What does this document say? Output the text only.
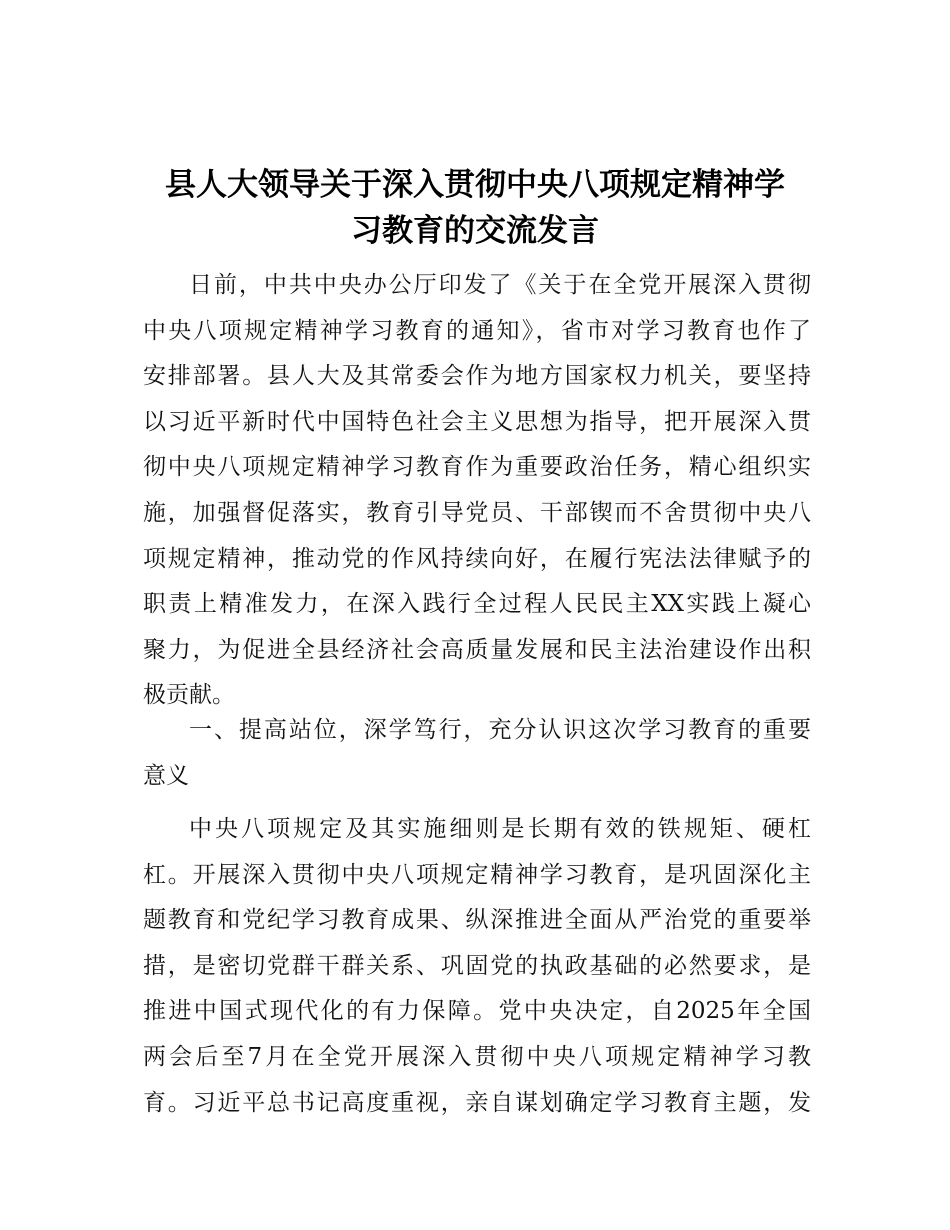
县人大领导关于深入贯彻中央八项规定精神学
习教育的交流发言
日前，中共中央办公厅印发了《关于在全党开展深入贯彻
中央八项规定精神学习教育的通知》，省市对学习教育也作了
安排部署。县人大及其常委会作为地方国家权力机关，要坚持
以习近平新时代中国特色社会主义思想为指导，把开展深入贯
彻中央八项规定精神学习教育作为重要政治任务，精心组织实
施，加强督促落实，教育引导党员、干部锲而不舍贯彻中央八
项规定精神，推动党的作风持续向好，在履行宪法法律赋予的
职责上精准发力，在深入践行全过程人民民主XX实践上凝心
聚力，为促进全县经济社会高质量发展和民主法治建设作出积
极贡献。
一、提高站位，深学笃行，充分认识这次学习教育的重要
意义
中央八项规定及其实施细则是长期有效的铁规矩、硬杠
杠。开展深入贯彻中央八项规定精神学习教育，是巩固深化主
题教育和党纪学习教育成果、纵深推进全面从严治党的重要举
措，是密切党群干群关系、巩固党的执政基础的必然要求，是
推进中国式现代化的有力保障。党中央决定，自2025年全国
两会后至7月在全党开展深入贯彻中央八项规定精神学习教
育。习近平总书记高度重视，亲自谋划确定学习教育主题，发
